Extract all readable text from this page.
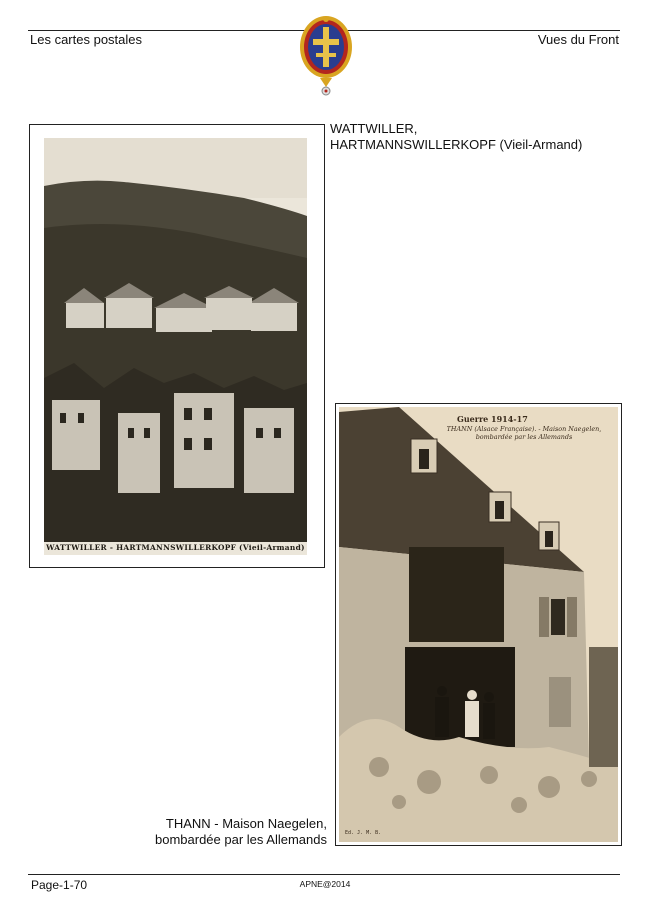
Les cartes postales	Vues du Front
WATTWILLER - HARTMANNSWILLERKOPF (Vieil-Armand)
WATTWILLER,
HARTMANNSWILLERKOPF (Vieil-Armand)
Guerre 1914-17
THANN (Alsace Française). - Maison Naegelen,
bombardée par les Allemands
Ed. J. M. B.
THANN - Maison Naegelen,
bombardée par les Allemands
Page-1-70	APNE@2014
